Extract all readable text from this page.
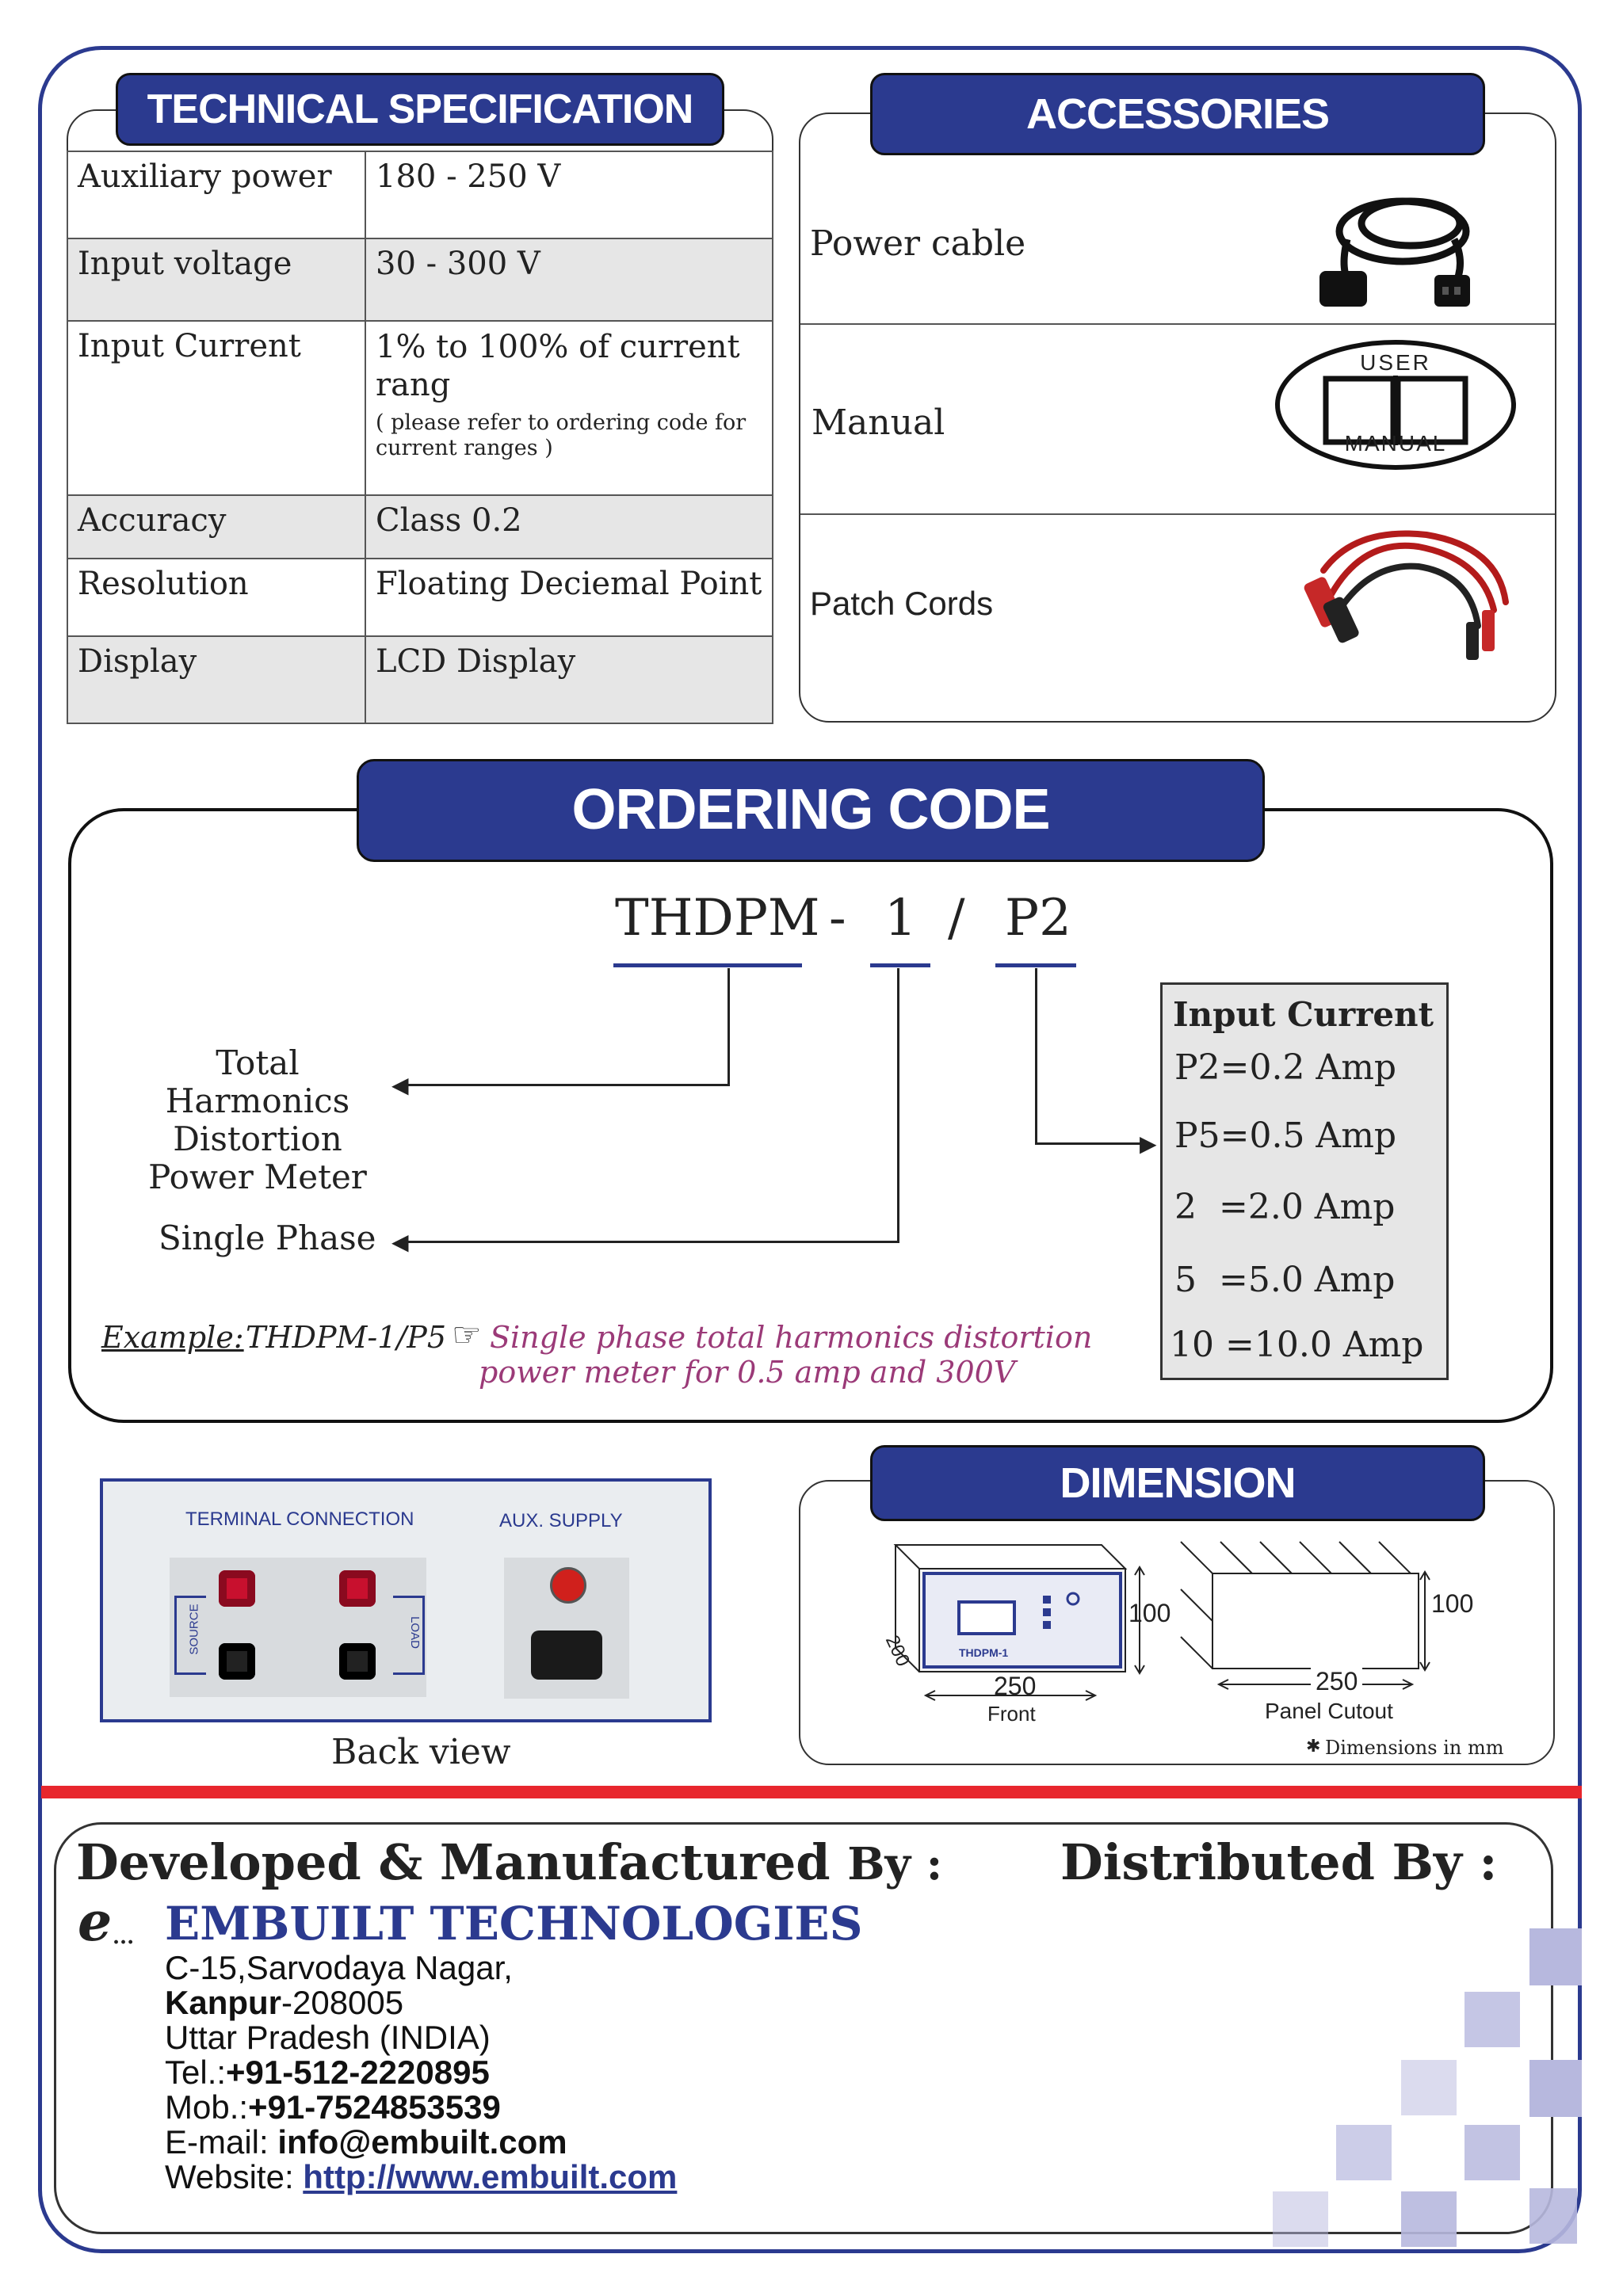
TECHNICAL SPECIFICATION
Auxiliary power	180 - 250 V
Input voltage	30 - 300 V
Input Current	1% to 100% of current rang
( please refer to ordering code for current ranges )

Accuracy	Class 0.2
Resolution	Floating Deciemal Point
Display	LCD Display
ACCESSORIES
Power cable
Manual
USER
MANUAL
Patch Cords
ORDERING CODE
THDPM - 1 / P2
◀
◀
▶
Total Harmonics
Distortion
Power Meter
Single Phase
Input Current
P2=0.2 Amp
P5=0.5 Amp
2  =2.0 Amp
5  =5.0 Amp
10 =10.0 Amp
Example: THDPM-1/P5 ☞ Single phase total harmonics distortion
power meter for 0.5 amp and 300V
TERMINAL CONNECTION	AUX. SUPPLY
SOURCE	LOAD
Back view
DIMENSION
THDPM-1
100
200
250
Front
100
250
Panel Cutout
✱ Dimensions in mm
Developed & Manufactured By : Distributed By :
e ... EMBUILT TECHNOLOGIES
C-15,Sarvodaya Nagar,
Kanpur-208005
Uttar Pradesh (INDIA)
Tel.:+91-512-2220895
Mob.:+91-7524853539
E-mail: info@embuilt.com
Website: http://www.embuilt.com
